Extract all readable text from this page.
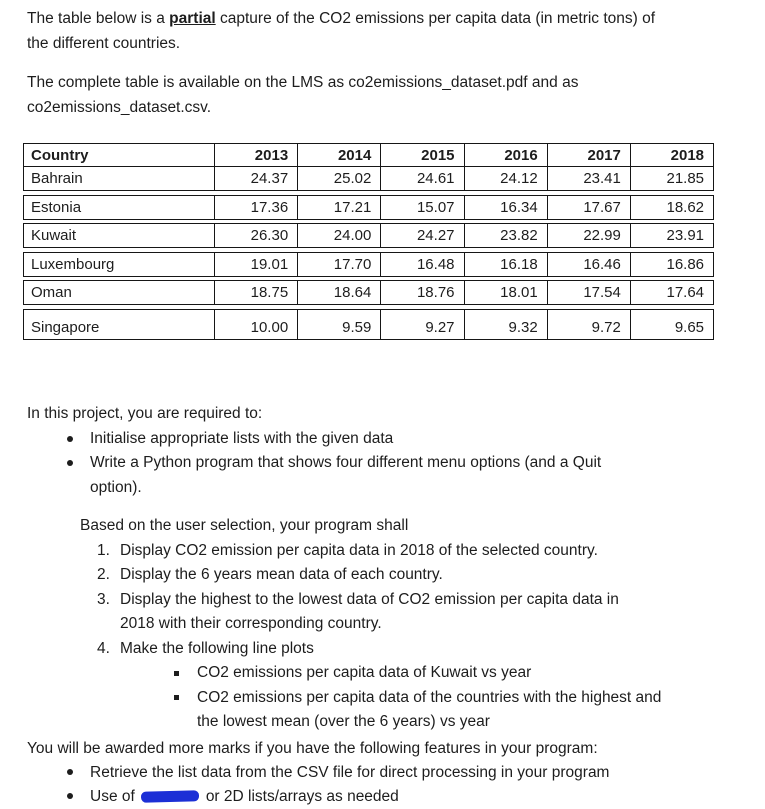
The table below is a partial capture of the CO2 emissions per capita data (in metric tons) of the different countries.

The complete table is available on the LMS as co2emissions_dataset.pdf and as co2emissions_dataset.csv.

Country	2013	2014	2015	2016	2017	2018
Bahrain	24.37	25.02	24.61	24.12	23.41	21.85
Estonia	17.36	17.21	15.07	16.34	17.67	18.62
Kuwait	26.30	24.00	24.27	23.82	22.99	23.91
Luxembourg	19.01	17.70	16.48	16.18	16.46	16.86
Oman	18.75	18.64	18.76	18.01	17.54	17.64
Singapore	10.00	9.59	9.27	9.32	9.72	9.65
In this project, you are required to:
Initialise appropriate lists with the given data
Write a Python program that shows four different menu options (and a Quit option).
Based on the user selection, your program shall
1. Display CO2 emission per capita data in 2018 of the selected country.
2. Display the 6 years mean data of each country.
3. Display the highest to the lowest data of CO2 emission per capita data in 2018 with their corresponding country.
4. Make the following line plots
CO2 emissions per capita data of Kuwait vs year
CO2 emissions per capita data of the countries with the highest and the lowest mean (over the 6 years) vs year
You will be awarded more marks if you have the following features in your program:
Retrieve the list data from the CSV file for direct processing in your program
Use of	or 2D lists/arrays as needed
